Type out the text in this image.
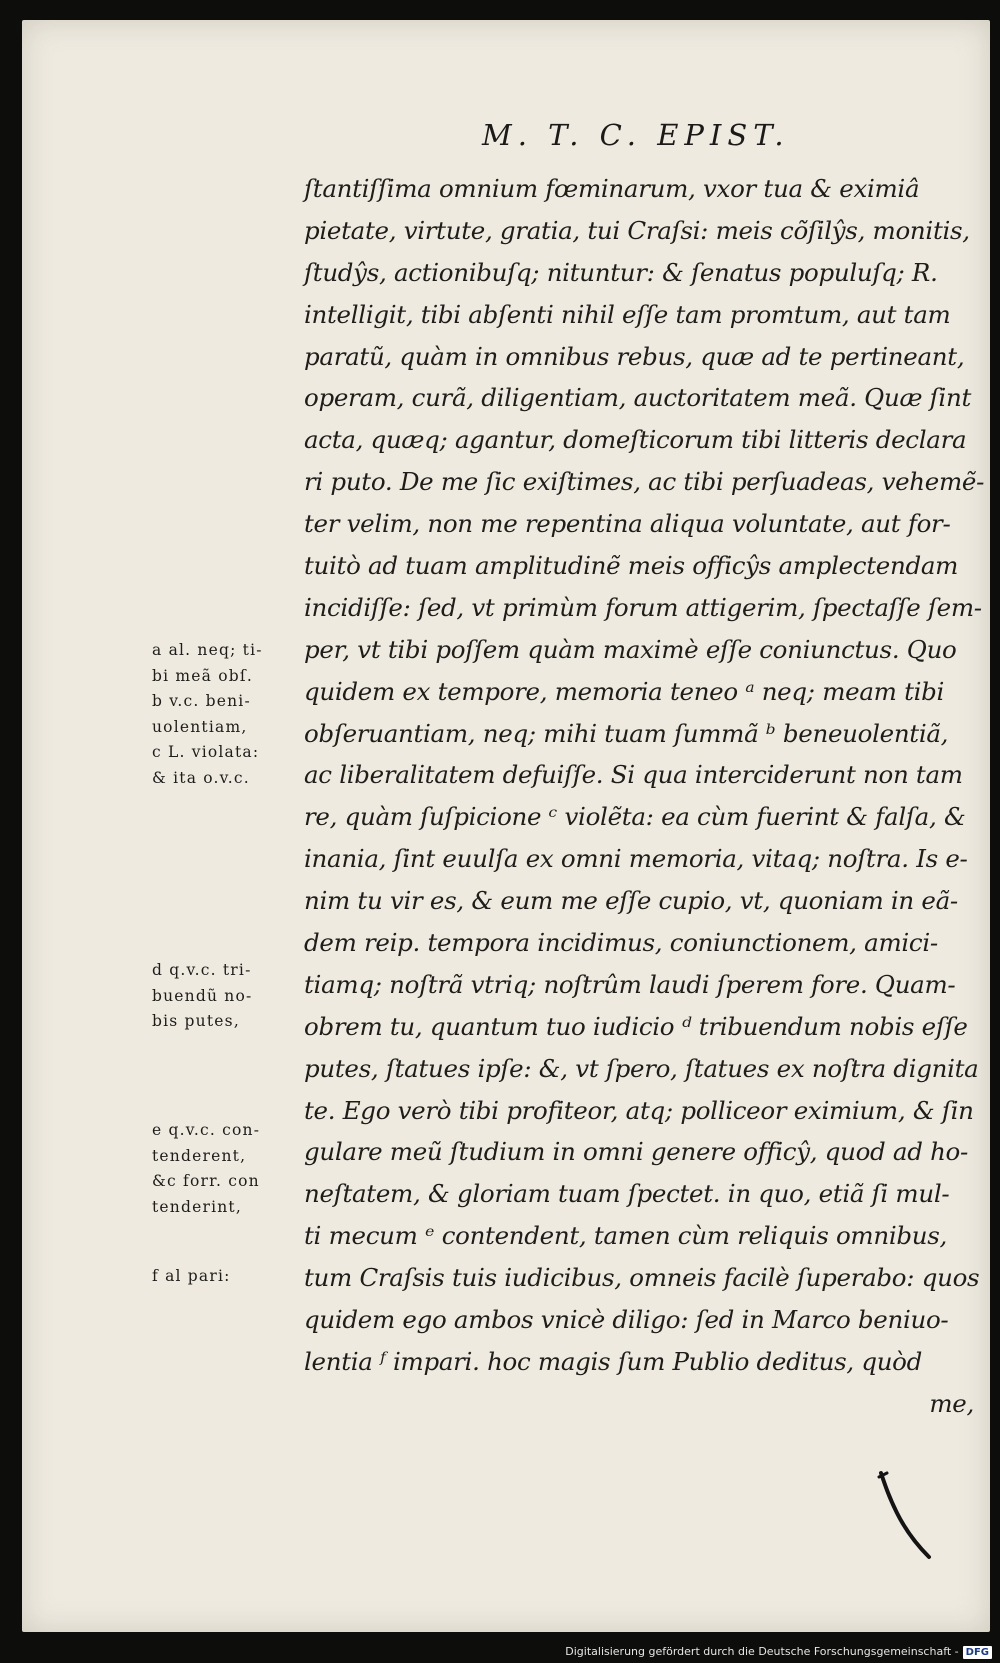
M. T. C. EPIST.
ſtantiſſima omnium fœminarum, vxor tua & eximiâ
pietate, virtute, gratia, tui Craſsi: meis cõſilŷs, monitis,
ſtudŷs, actionibuſq; nituntur: & ſenatus populuſq; R.
intelligit, tibi abſenti nihil eſſe tam promtum, aut tam
paratũ, quàm in omnibus rebus, quæ ad te pertineant,
operam, curã, diligentiam, auctoritatem meã. Quæ ſint
acta, quæq; agantur, domeſticorum tibi litteris declara
ri puto. De me ſic exiſtimes, ac tibi perſuadeas, vehemẽ-
ter velim, non me repentina aliqua voluntate, aut for-
tuitò ad tuam amplitudinẽ meis officŷs amplectendam
incidiſſe: ſed, vt primùm forum attigerim, ſpectaſſe ſem-
per, vt tibi poſſem quàm maximè eſſe coniunctus. Quo
quidem ex tempore, memoria teneo ᵃ neq; meam tibi
obſeruantiam, neq; mihi tuam ſummã ᵇ beneuolentiã,
ac liberalitatem defuiſſe. Si qua interciderunt non tam
re, quàm ſuſpicione ᶜ violẽta: ea cùm fuerint & falſa, &
inania, ſint euulſa ex omni memoria, vitaq; noſtra. Is e-
nim tu vir es, & eum me eſſe cupio, vt, quoniam in eã-
dem reip. tempora incidimus, coniunctionem, amici-
tiamq; noſtrã vtriq; noſtrûm laudi ſperem fore. Quam-
obrem tu, quantum tuo iudicio ᵈ tribuendum nobis eſſe
putes, ſtatues ipſe: &, vt ſpero, ſtatues ex noſtra dignita
te. Ego verò tibi profiteor, atq; polliceor eximium, & ſin
gulare meũ ſtudium in omni genere officŷ, quod ad ho-
neſtatem, & gloriam tuam ſpectet. in quo, etiã ſi mul-
ti mecum ᵉ contendent, tamen cùm reliquis omnibus,
tum Craſsis tuis iudicibus, omneis facilè ſuperabo: quos
quidem ego ambos vnicè diligo: ſed in Marco beniuo-
lentia ᶠ impari. hoc magis ſum Publio deditus, quòd
me,
a al. neq; ti-
bi meã obſ.
b v.c. beni-
uolentiam,
c L. violata:
& ita o.v.c.
d q.v.c. tri-
buendũ no-
bis putes,
e q.v.c. con-
tenderent,
&c forr. con
tenderint,
f al pari:
Digitalisierung gefördert durch die Deutsche Forschungsgemeinschaft - DFG
